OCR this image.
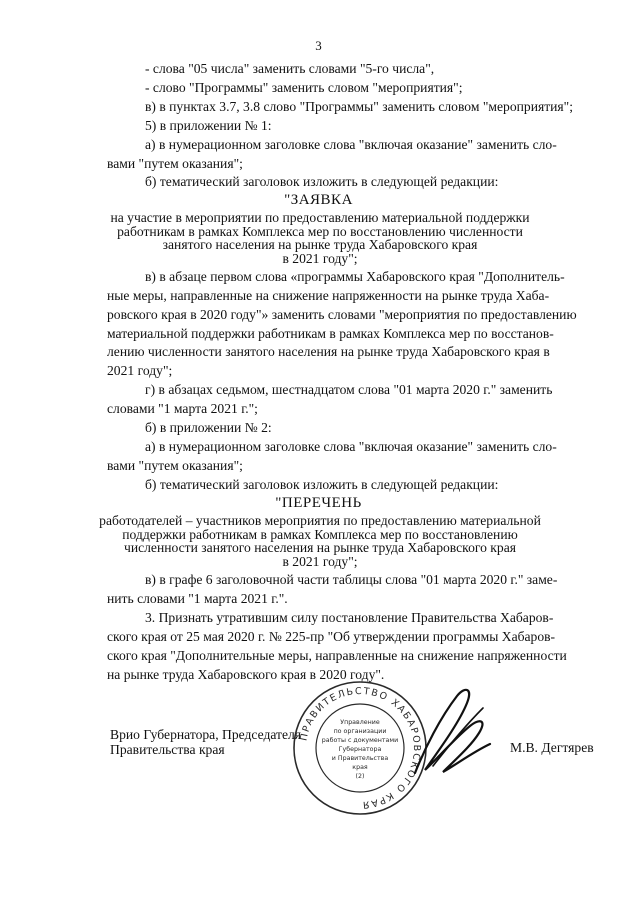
3
- слова "05 числа" заменить словами "5-го числа",
- слово "Программы" заменить словом "мероприятия";
в) в пунктах 3.7, 3.8 слово "Программы" заменить словом "мероприятия";
5) в приложении № 1:
а) в нумерационном заголовке слова "включая оказание" заменить сло-
вами "путем оказания";
б) тематический заголовок изложить в следующей редакции:
"ЗАЯВКА
на участие в мероприятии по предоставлению материальной поддержки
работникам в рамках Комплекса мер по восстановлению численности
занятого населения на рынке труда Хабаровского края
в 2021 году";
в) в абзаце первом слова «программы Хабаровского края "Дополнитель-
ные меры, направленные на снижение напряженности на рынке труда Хаба-
ровского края в 2020 году"» заменить словами "мероприятия по предоставлению
материальной поддержки работникам в рамках Комплекса мер по восстанов-
лению численности занятого населения на рынке труда Хабаровского края в
2021 году";
г) в абзацах седьмом, шестнадцатом слова "01 марта 2020 г." заменить
словами "1 марта 2021 г.";
б) в приложении № 2:
а) в нумерационном заголовке слова "включая оказание" заменить сло-
вами "путем оказания";
б) тематический заголовок изложить в следующей редакции:
"ПЕРЕЧЕНЬ
работодателей – участников мероприятия по предоставлению материальной
поддержки работникам в рамках Комплекса мер по восстановлению
численности занятого населения на рынке труда Хабаровского края
в 2021 году";
в) в графе 6 заголовочной части таблицы слова "01 марта 2020 г." заме-
нить словами "1 марта 2021 г.".
3. Признать утратившим силу постановление Правительства Хабаров-
ского края от 25 мая 2020 г. № 225-пр "Об утверждении программы Хабаров-
ского края "Дополнительные меры, направленные на снижение напряженности
на рынке труда Хабаровского края в 2020 году".
Врио Губернатора, Председателя
Правительства края
ПРАВИТЕЛЬСТВО ХАБАРОВСКОГО КРАЯ
Управление
по организации
работы с документами
Губернатора
и Правительства
края
(2)
М.В. Дегтярев
